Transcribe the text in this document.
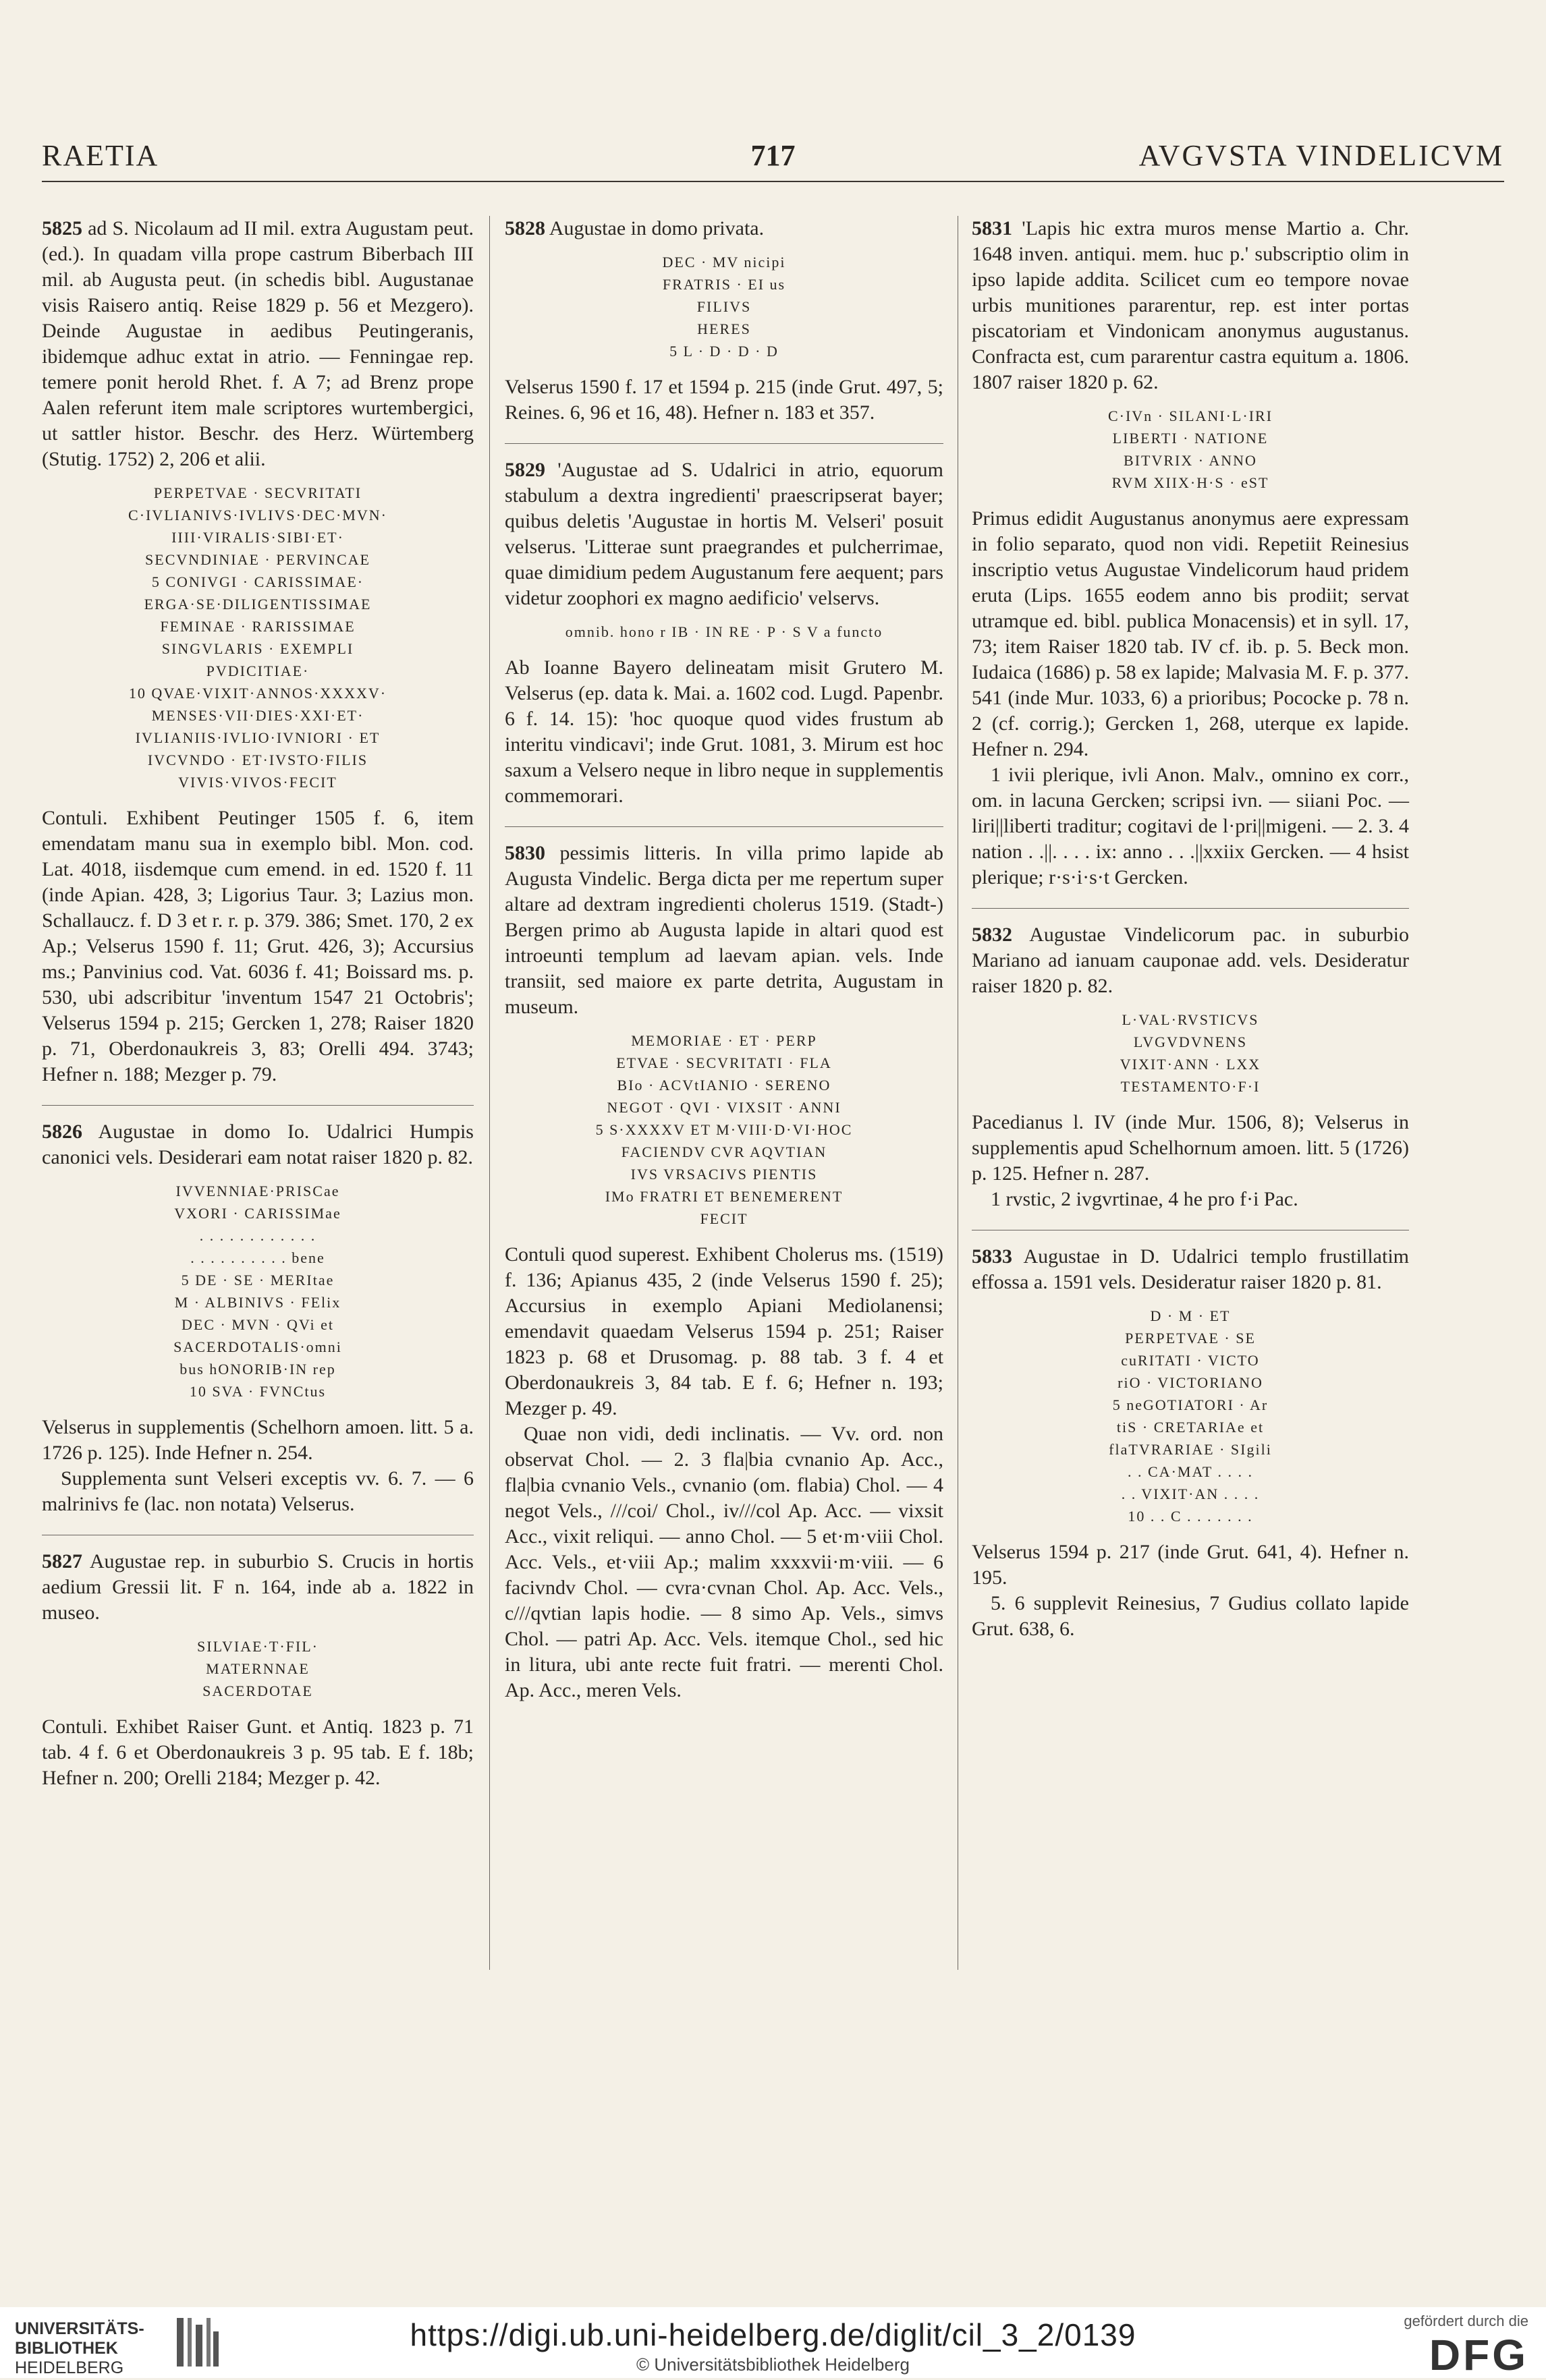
RAETIA	717	AVGVSTA VINDELICVM

5825 ad S. Nicolaum ad II mil. extra Augustam peut. (ed.). In quadam villa prope castrum Biberbach III mil. ab Augusta peut. (in schedis bibl. Augustanae visis Raisero antiq. Reise 1829 p. 56 et Mezgero). Deinde Augustae in aedibus Peutingeranis, ibidemque adhuc extat in atrio. — Fenningae rep. temere ponit herold Rhet. f. A 7; ad Brenz prope Aalen referunt item male scriptores wurtembergici, ut sattler histor. Beschr. des Herz. Würtemberg (Stutig. 1752) 2, 206 et alii.

PERPETVAE · SECVRITATI
C·IVLIANIVS·IVLIVS·DEC·MVN·
IIII·VIRALIS·SIBI·ET·
SECVNDINIAE · PERVINCAE
5 CONIVGI · CARISSIMAE·
ERGA·SE·DILIGENTISSIMAE
FEMINAE · RARISSIMAE
SINGVLARIS · EXEMPLI
PVDICITIAE·
10 QVAE·VIXIT·ANNOS·XXXXV·
MENSES·VII·DIES·XXI·ET·
IVLIANIIS·IVLIO·IVNIORI · ET
IVCVNDO · ET·IVSTO·FILIS
VIVIS·VIVOS·FECIT

Contuli. Exhibent Peutinger 1505 f. 6, item emendatam manu sua in exemplo bibl. Mon. cod. Lat. 4018, iisdemque cum emend. in ed. 1520 f. 11 (inde Apian. 428, 3; Ligorius Taur. 3; Lazius mon. Schallaucz. f. D 3 et r. r. p. 379. 386; Smet. 170, 2 ex Ap.; Velserus 1590 f. 11; Grut. 426, 3); Accursius ms.; Panvinius cod. Vat. 6036 f. 41; Boissard ms. p. 530, ubi adscribitur 'inventum 1547 21 Octobris'; Velserus 1594 p. 215; Gercken 1, 278; Raiser 1820 p. 71, Oberdonaukreis 3, 83; Orelli 494. 3743; Hefner n. 188; Mezger p. 79.

5826 Augustae in domo Io. Udalrici Humpis canonici vels. Desiderari eam notat raiser 1820 p. 82.

IVVENNIAE·PRISCae
VXORI · CARISSIMae
. . . . . . . . . . . .
. . . . . . . . . . bene
5 DE · SE · MERItae
M · ALBINIVS · FElix
DEC · MVN · QVi et
SACERDOTALIS·omni
bus hONORIB·IN rep
10 SVA · FVNCtus

Velserus in supplementis (Schelhorn amoen. litt. 5 a. 1726 p. 125). Inde Hefner n. 254.

Supplementa sunt Velseri exceptis vv. 6. 7. — 6 malrinivs fe (lac. non notata) Velserus.

5827 Augustae rep. in suburbio S. Crucis in hortis aedium Gressii lit. F n. 164, inde ab a. 1822 in museo.

SILVIAE·T·FIL·
MATERNNAE
SACERDOTAE

Contuli. Exhibet Raiser Gunt. et Antiq. 1823 p. 71 tab. 4 f. 6 et Oberdonaukreis 3 p. 95 tab. E f. 18b; Hefner n. 200; Orelli 2184; Mezger p. 42.

5828 Augustae in domo privata.

DEC · MV nicipi
FRATRIS · EI us
FILIVS
HERES
5 L · D · D · D

Velserus 1590 f. 17 et 1594 p. 215 (inde Grut. 497, 5; Reines. 6, 96 et 16, 48). Hefner n. 183 et 357.

5829 'Augustae ad S. Udalrici in atrio, equorum stabulum a dextra ingredienti' praescripserat bayer; quibus deletis 'Augustae in hortis M. Velseri' posuit velserus. 'Litterae sunt praegrandes et pulcherrimae, quae dimidium pedem Augustanum fere aequent; pars videtur zoophori ex magno aedificio' velservs.

omnib. hono r IB · IN RE · P · S V a functo

Ab Ioanne Bayero delineatam misit Grutero M. Velserus (ep. data k. Mai. a. 1602 cod. Lugd. Papenbr. 6 f. 14. 15): 'hoc quoque quod vides frustum ab interitu vindicavi'; inde Grut. 1081, 3. Mirum est hoc saxum a Velsero neque in libro neque in supplementis commemorari.

5830 pessimis litteris. In villa primo lapide ab Augusta Vindelic. Berga dicta per me repertum super altare ad dextram ingredienti cholerus 1519. (Stadt-) Bergen primo ab Augusta lapide in altari quod est introeunti templum ad laevam apian. vels. Inde transiit, sed maiore ex parte detrita, Augustam in museum.

MEMORIAE · ET · PERP
ETVAE · SECVRITATI · FLA
BIo · ACVtIANIO · SERENO
NEGOT · QVI · VIXSIT · ANNI
5 S·XXXXV ET M·VIII·D·VI·HOC
FACIENDV CVR AQVTIAN
IVS VRSACIVS PIENTIS
IMo FRATRI ET BENEMERENT
FECIT

Contuli quod superest. Exhibent Cholerus ms. (1519) f. 136; Apianus 435, 2 (inde Velserus 1590 f. 25); Accursius in exemplo Apiani Mediolanensi; emendavit quaedam Velserus 1594 p. 251; Raiser 1823 p. 68 et Drusomag. p. 88 tab. 3 f. 4 et Oberdonaukreis 3, 84 tab. E f. 6; Hefner n. 193; Mezger p. 49.

Quae non vidi, dedi inclinatis. — Vv. ord. non observat Chol. — 2. 3 fla|bia cvnanio Ap. Acc., fla|bia cvnanio Vels., cvnanio (om. flabia) Chol. — 4 negot Vels., ///coi/ Chol., iv///col Ap. Acc. — vixsit Acc., vixit reliqui. — anno Chol. — 5 et·m·viii Chol. Acc. Vels., et·viii Ap.; malim xxxxvii·m·viii. — 6 facivndv Chol. — cvra·cvnan Chol. Ap. Acc. Vels., c///qvtian lapis hodie. — 8 simo Ap. Vels., simvs Chol. — patri Ap. Acc. Vels. itemque Chol., sed hic in litura, ubi ante recte fuit fratri. — merenti Chol. Ap. Acc., meren Vels.

5831 'Lapis hic extra muros mense Martio a. Chr. 1648 inven. antiqui. mem. huc p.' subscriptio olim in ipso lapide addita. Scilicet cum eo tempore novae urbis munitiones pararentur, rep. est inter portas piscatoriam et Vindonicam anonymus augustanus. Confracta est, cum pararentur castra equitum a. 1806. 1807 raiser 1820 p. 62.

C·IVn · SILANI·L·IRI
LIBERTI · NATIONE
BITVRIX · ANNO
RVM XIIX·H·S · eST

Primus edidit Augustanus anonymus aere expressam in folio separato, quod non vidi. Repetiit Reinesius inscriptio vetus Augustae Vindelicorum haud pridem eruta (Lips. 1655 eodem anno bis prodiit; servat utramque ed. bibl. publica Monacensis) et in syll. 17, 73; item Raiser 1820 tab. IV cf. ib. p. 5. Beck mon. Iudaica (1686) p. 58 ex lapide; Malvasia M. F. p. 377. 541 (inde Mur. 1033, 6) a prioribus; Pococke p. 78 n. 2 (cf. corrig.); Gercken 1, 268, uterque ex lapide. Hefner n. 294.

1 ivii plerique, ivli Anon. Malv., omnino ex corr., om. in lacuna Gercken; scripsi ivn. — siiani Poc. — liri||liberti traditur; cogitavi de l·pri||migeni. — 2. 3. 4 nation . .||. . . . ix: anno . . .||xxiix Gercken. — 4 hsist plerique; r·s·i·s·t Gercken.

5832 Augustae Vindelicorum pac. in suburbio Mariano ad ianuam cauponae add. vels. Desideratur raiser 1820 p. 82.

L·VAL·RVSTICVS
LVGVDVNENS
VIXIT·ANN · LXX
TESTAMENTO·F·I

Pacedianus l. IV (inde Mur. 1506, 8); Velserus in supplementis apud Schelhornum amoen. litt. 5 (1726) p. 125. Hefner n. 287.

1 rvstic, 2 ivgvrtinae, 4 he pro f·i Pac.

5833 Augustae in D. Udalrici templo frustillatim effossa a. 1591 vels. Desideratur raiser 1820 p. 81.

D · M · ET
PERPETVAE · SE
cuRITATI · VICTO
riO · VICTORIANO
5 neGOTIATORI · Ar
tiS · CRETARIAe et
flaTVRARIAE · SIgili
. . CA·MAT . . . .
. . VIXIT·AN . . . .
10 . . C . . . . . . .

Velserus 1594 p. 217 (inde Grut. 641, 4). Hefner n. 195.

5. 6 supplevit Reinesius, 7 Gudius collato lapide Grut. 638, 6.

UNIVERSITÄTS-
BIBLIOTHEK
HEIDELBERG
https://digi.ub.uni-heidelberg.de/diglit/cil_3_2/0139
© Universitätsbibliothek Heidelberg
gefördert durch die
DFG
